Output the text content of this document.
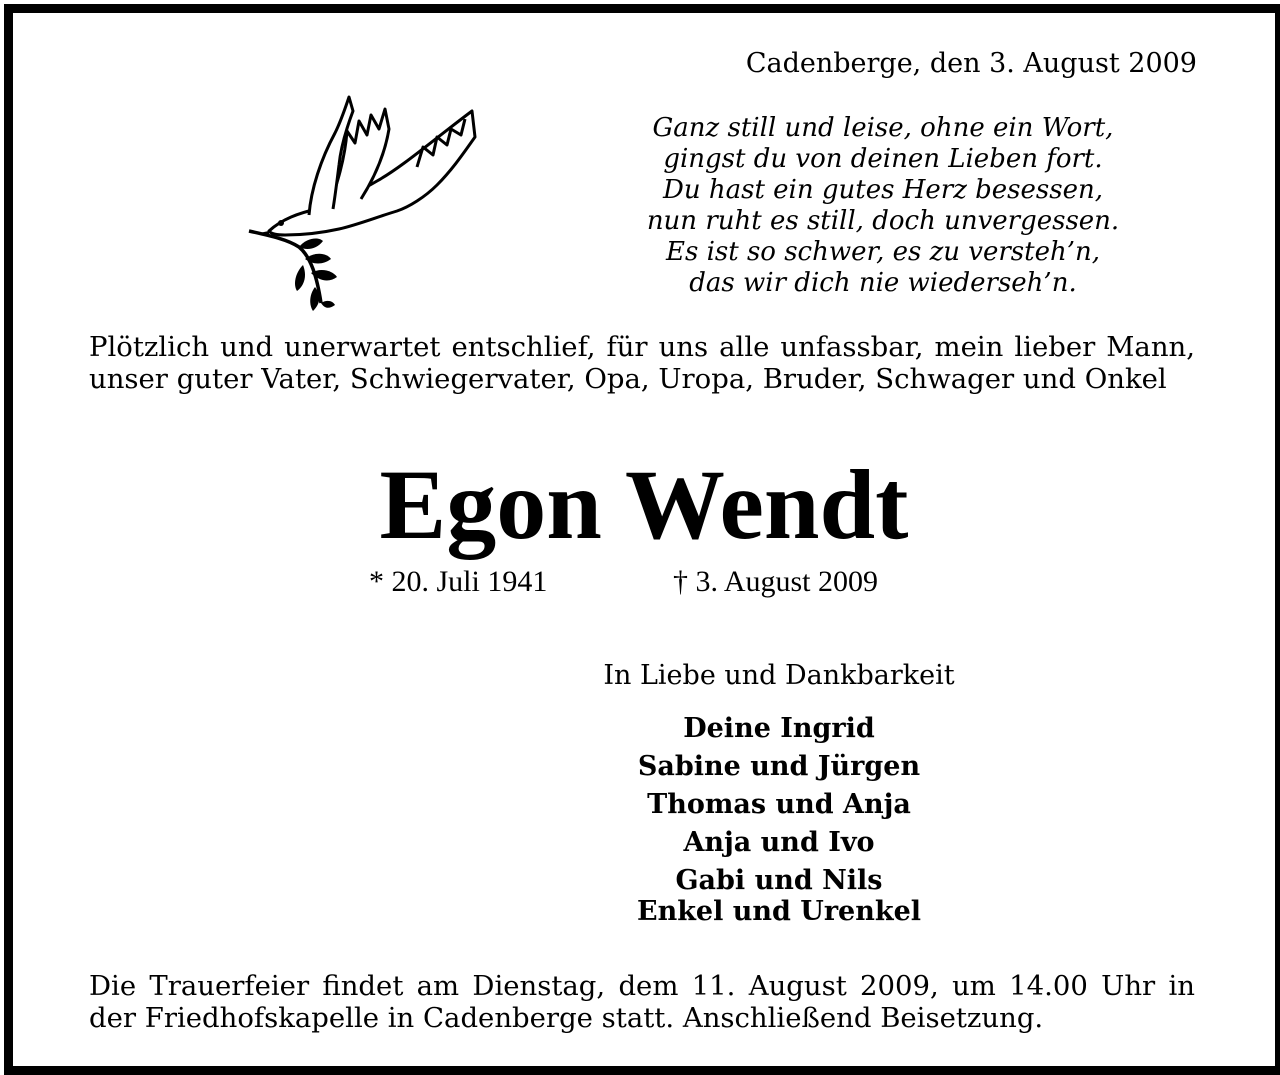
Cadenberge, den 3. August 2009
Ganz still und leise, ohne ein Wort,
gingst du von deinen Lieben fort.
Du hast ein gutes Herz besessen,
nun ruht es still, doch unvergessen.
Es ist so schwer, es zu versteh’n,
das wir dich nie wiederseh’n.
Plötzlich und unerwartet entschlief, für uns alle unfassbar, mein lieber Mann, unser guter Vater, Schwiegervater, Opa, Uropa, Bruder, Schwager und Onkel
Egon Wendt
* 20. Juli 1941	† 3. August 2009
In Liebe und Dankbarkeit
Deine Ingrid
Sabine und Jürgen
Thomas und Anja
Anja und Ivo
Gabi und Nils
Enkel und Urenkel
Die Trauerfeier findet am Dienstag, dem 11. August 2009, um 14.00 Uhr in der Friedhofskapelle in Cadenberge statt. Anschließend Beisetzung.
